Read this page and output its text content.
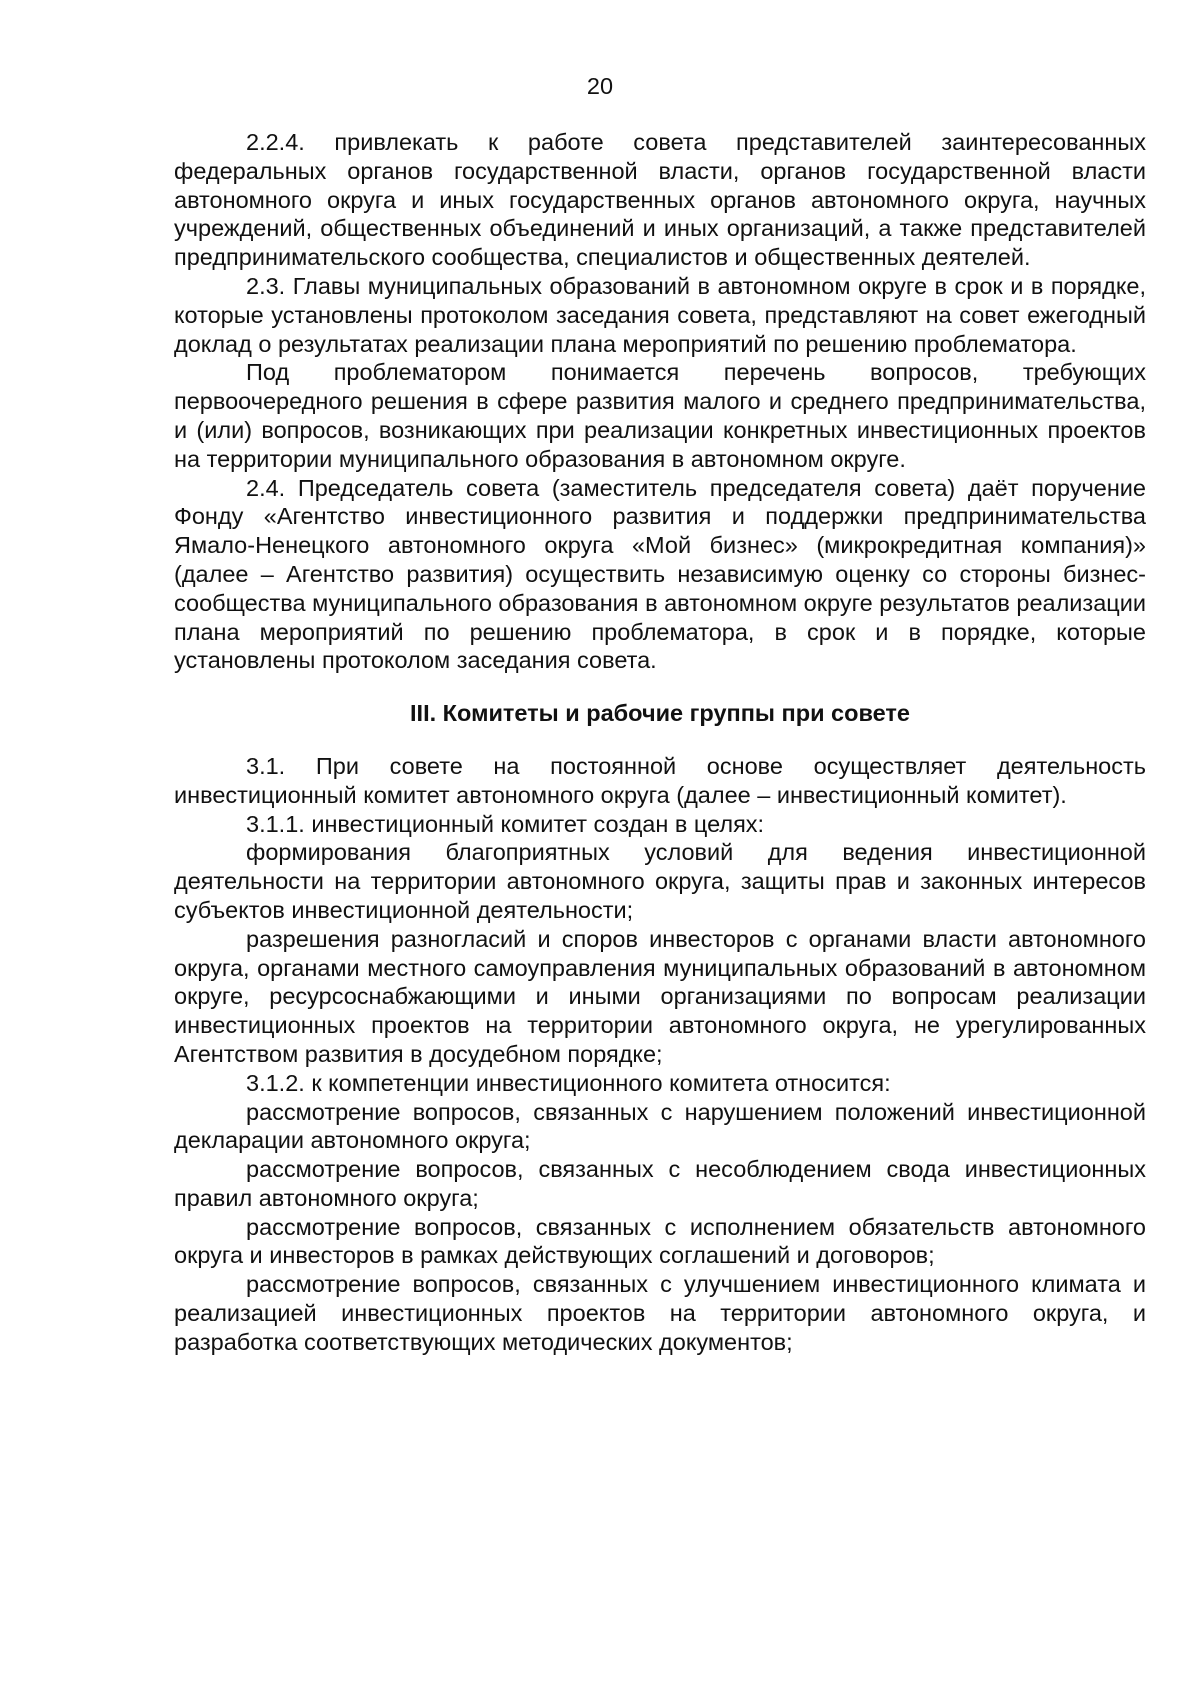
20

2.2.4. привлекать к работе совета представителей заинтересованных федеральных органов государственной власти, органов государственной власти автономного округа и иных государственных органов автономного округа, научных учреждений, общественных объединений и иных организаций, а также представителей предпринимательского сообщества, специалистов и общественных деятелей.

2.3. Главы муниципальных образований в автономном округе в срок и в порядке, которые установлены протоколом заседания совета, представляют на совет ежегодный доклад о результатах реализации плана мероприятий по решению проблематора.

Под проблематором понимается перечень вопросов, требующих первоочередного решения в сфере развития малого и среднего предпринимательства, и (или) вопросов, возникающих при реализации конкретных инвестиционных проектов на территории муниципального образования в автономном округе.

2.4. Председатель совета (заместитель председателя совета) даёт поручение Фонду «Агентство инвестиционного развития и поддержки предпринимательства Ямало-Ненецкого автономного округа «Мой бизнес» (микрокредитная компания)» (далее – Агентство развития) осуществить независимую оценку со стороны бизнес-сообщества муниципального образования в автономном округе результатов реализации плана мероприятий по решению проблематора, в срок и в порядке, которые установлены протоколом заседания совета.

III. Комитеты и рабочие группы при совете

3.1. При совете на постоянной основе осуществляет деятельность инвестиционный комитет автономного округа (далее – инвестиционный комитет).

3.1.1. инвестиционный комитет создан в целях:

формирования благоприятных условий для ведения инвестиционной деятельности на территории автономного округа, защиты прав и законных интересов субъектов инвестиционной деятельности;

разрешения разногласий и споров инвесторов с органами власти автономного округа, органами местного самоуправления муниципальных образований в автономном округе, ресурсоснабжающими и иными организациями по вопросам реализации инвестиционных проектов на территории автономного округа, не урегулированных Агентством развития в досудебном порядке;

3.1.2. к компетенции инвестиционного комитета относится:

рассмотрение вопросов, связанных с нарушением положений инвестиционной декларации автономного округа;

рассмотрение вопросов, связанных с несоблюдением свода инвестиционных правил автономного округа;

рассмотрение вопросов, связанных с исполнением обязательств автономного округа и инвесторов в рамках действующих соглашений и договоров;

рассмотрение вопросов, связанных с улучшением инвестиционного климата и реализацией инвестиционных проектов на территории автономного округа, и разработка соответствующих методических документов;
